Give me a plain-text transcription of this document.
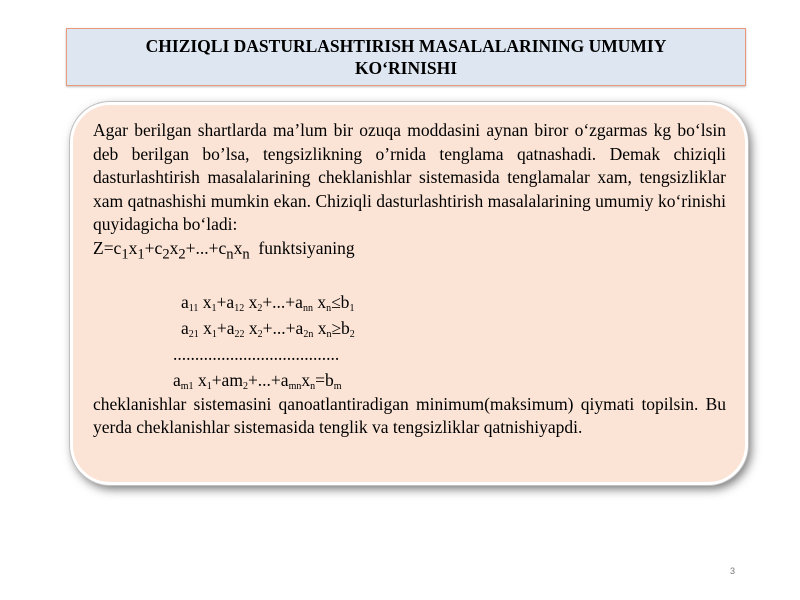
CHIZIQLI DASTURLASHTIRISH MASALALARINING UMUMIY
KO‘RINISHI

Agar berilgan shartlarda ma’lum bir ozuqa moddasini aynan biror o‘zgarmas kg bo‘lsin deb berilgan bo’lsa, tengsizlikning o’rnida tenglama qatnashadi. Demak chiziqli dasturlashtirish masalalarining cheklanishlar sistemasida tenglamalar xam, tengsizliklar xam qatnashishi mumkin ekan. Chiziqli dasturlashtirish masalalarining umumiy ko‘rinishi quyidagicha bo‘ladi:

$Z=c_1x_1+c_2x_2+...+c_nx_n$ funktsiyaning
$a_{11}$ $x_1+a_{12}$ $x_2+...+a_{nn}$ $x_n\le b_1$
$a_{21}$ $x_1+a_{22}$ $x_2+...+a_{2n}$ $x_n\ge b_2$
......................................
$a_{m1}$ $x_1+am_2+...+a_{mn}x_n=b_m$

cheklanishlar sistemasini qanoatlantiradigan minimum(maksimum) qiymati topilsin. Bu yerda cheklanishlar sistemasida tenglik va tengsizliklar qatnishiyapdi.

3
